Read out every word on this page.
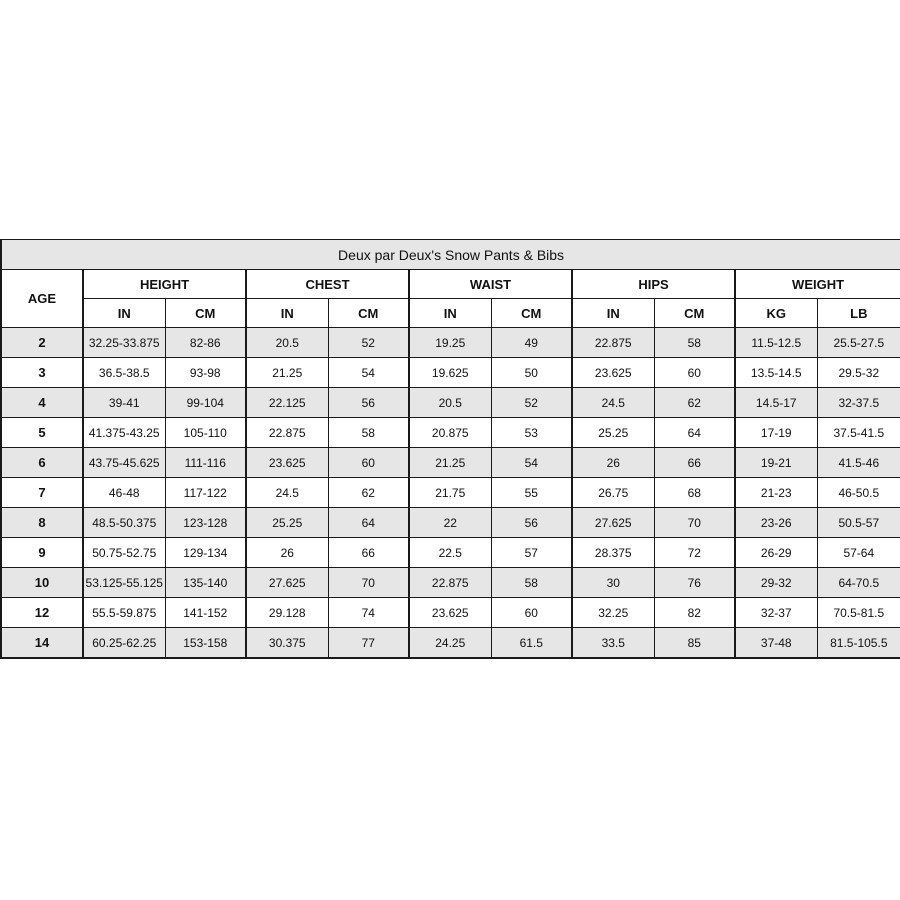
Deux par Deux's Snow Pants & Bibs										
AGE	HEIGHT		CHEST		WAIST		HIPS		WEIGHT	
	IN	CM	IN	CM	IN	CM	IN	CM	KG	LB
2	32.25-33.875	82-86	20.5	52	19.25	49	22.875	58	11.5-12.5	25.5-27.5
3	36.5-38.5	93-98	21.25	54	19.625	50	23.625	60	13.5-14.5	29.5-32
4	39-41	99-104	22.125	56	20.5	52	24.5	62	14.5-17	32-37.5
5	41.375-43.25	105-110	22.875	58	20.875	53	25.25	64	17-19	37.5-41.5
6	43.75-45.625	111-116	23.625	60	21.25	54	26	66	19-21	41.5-46
7	46-48	117-122	24.5	62	21.75	55	26.75	68	21-23	46-50.5
8	48.5-50.375	123-128	25.25	64	22	56	27.625	70	23-26	50.5-57
9	50.75-52.75	129-134	26	66	22.5	57	28.375	72	26-29	57-64
10	53.125-55.125	135-140	27.625	70	22.875	58	30	76	29-32	64-70.5
12	55.5-59.875	141-152	29.128	74	23.625	60	32.25	82	32-37	70.5-81.5
14	60.25-62.25	153-158	30.375	77	24.25	61.5	33.5	85	37-48	81.5-105.5
